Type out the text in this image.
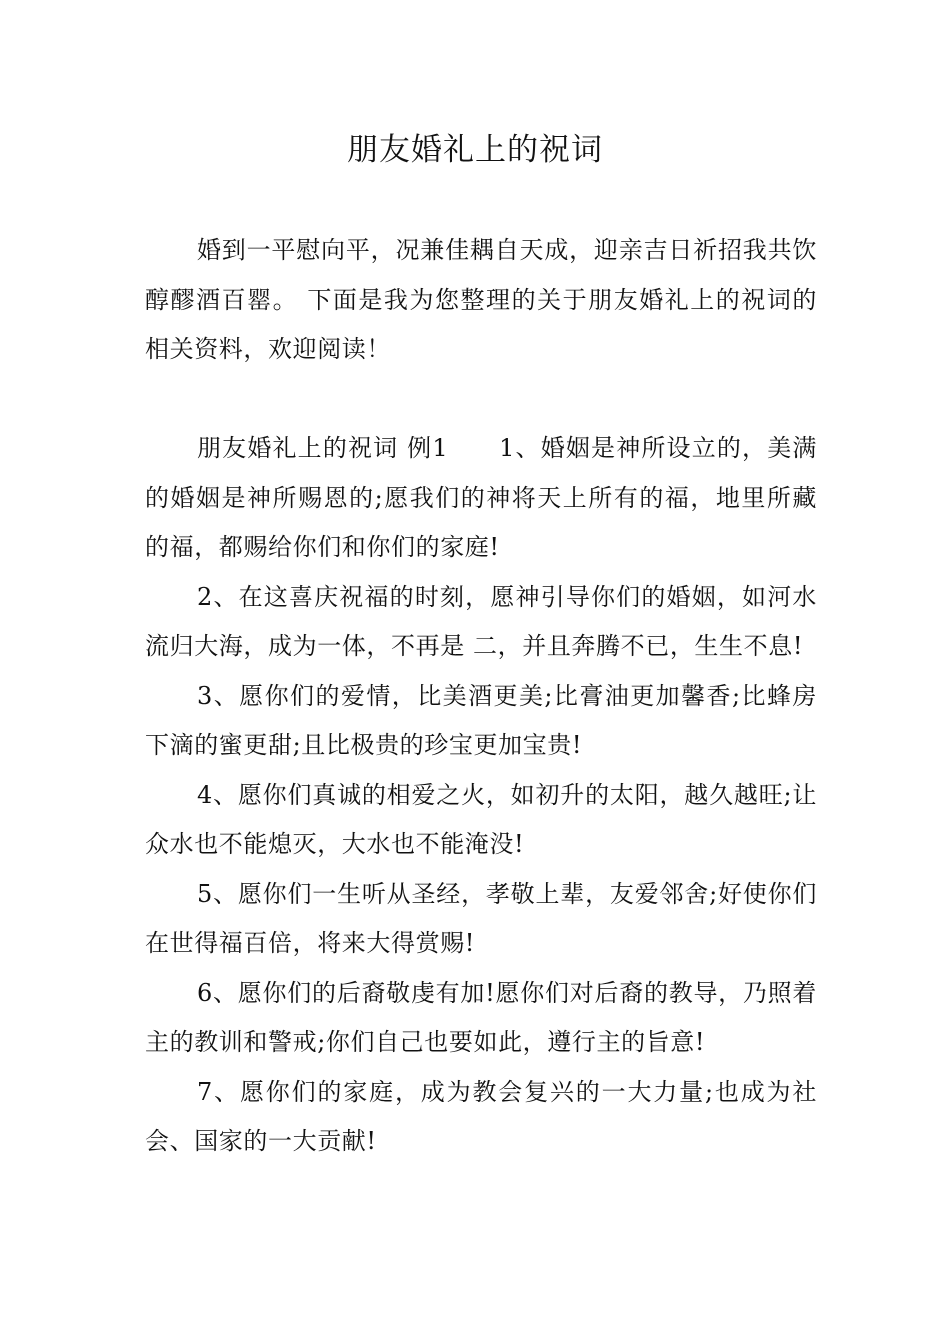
朋友婚礼上的祝词

婚到一平慰向平，况兼佳耦自天成，迎亲吉日祈招我共饮醇醪酒百罂。 下面是我为您整理的关于朋友婚礼上的祝词的相关资料，欢迎阅读！

朋友婚礼上的祝词 例1　　1、婚姻是神所设立的，美满的婚姻是神所赐恩的;愿我们的神将天上所有的福，地里所藏的福，都赐给你们和你们的家庭!

2、在这喜庆祝福的时刻，愿神引导你们的婚姻，如河水流归大海，成为一体，不再是 二，并且奔腾不已，生生不息!

3、愿你们的爱情，比美酒更美;比膏油更加馨香;比蜂房下滴的蜜更甜;且比极贵的珍宝更加宝贵!

4、愿你们真诚的相爱之火，如初升的太阳，越久越旺;让众水也不能熄灭，大水也不能淹没!

5、愿你们一生听从圣经，孝敬上辈，友爱邻舍;好使你们在世得福百倍，将来大得赏赐!

6、愿你们的后裔敬虔有加!愿你们对后裔的教导，乃照着主的教训和警戒;你们自己也要如此，遵行主的旨意!

7、愿你们的家庭，成为教会复兴的一大力量;也成为社会、国家的一大贡献!
